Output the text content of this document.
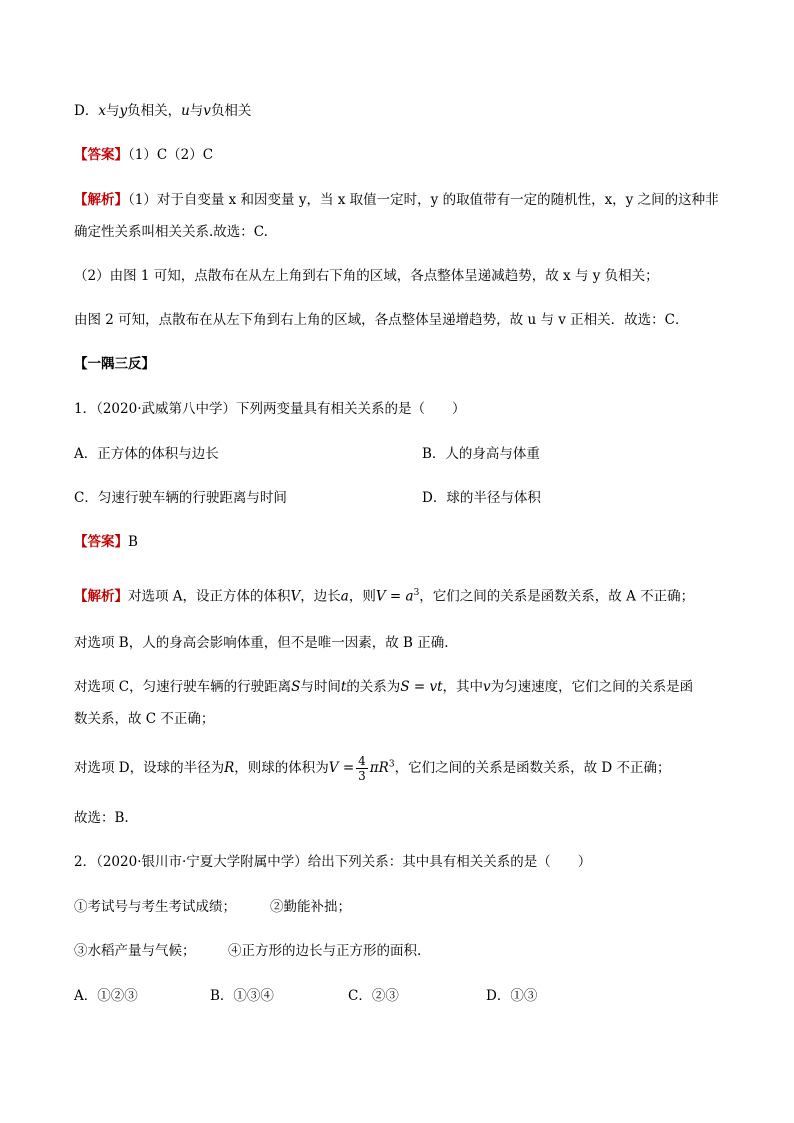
D．x与y负相关，u与v负相关
【答案】（1）C（2）C
【解析】（1）对于自变量 x 和因变量 y，当 x 取值一定时，y 的取值带有一定的随机性，x，y 之间的这种非
确定性关系叫相关关系.故选：C.
（2）由图 1 可知，点散布在从左上角到右下角的区域，各点整体呈递减趋势，故 x 与 y 负相关；
由图 2 可知，点散布在从左下角到右上角的区域，各点整体呈递增趋势，故 u 与 v 正相关．故选：C．
【一隅三反】
1．（2020·武威第八中学）下列两变量具有相关关系的是（　　）
A．正方体的体积与边长	B．人的身高与体重
C．匀速行驶车辆的行驶距离与时间	D．球的半径与体积
【答案】B
【解析】对选项 A，设正方体的体积V，边长a，则$V = a^3$，它们之间的关系是函数关系，故 A 不正确；
对选项 B，人的身高会影响体重，但不是唯一因素，故 B 正确.
对选项 C，匀速行驶车辆的行驶距离S与时间t的关系为S = vt，其中v为匀速速度，它们之间的关系是函
数关系，故 C 不正确；
对选项 D，设球的半径为R，则球的体积为$V = \frac{4}{3} \pi R^3$，它们之间的关系是函数关系，故 D 不正确；
故选：B.
2．（2020·银川市·宁夏大学附属中学）给出下列关系：其中具有相关关系的是（　　）
①考试号与考生考试成绩；	②勤能补拙；
③水稻产量与气候； ④正方形的边长与正方形的面积.
A．①②③	B．①③④	C．②③	D．①③
